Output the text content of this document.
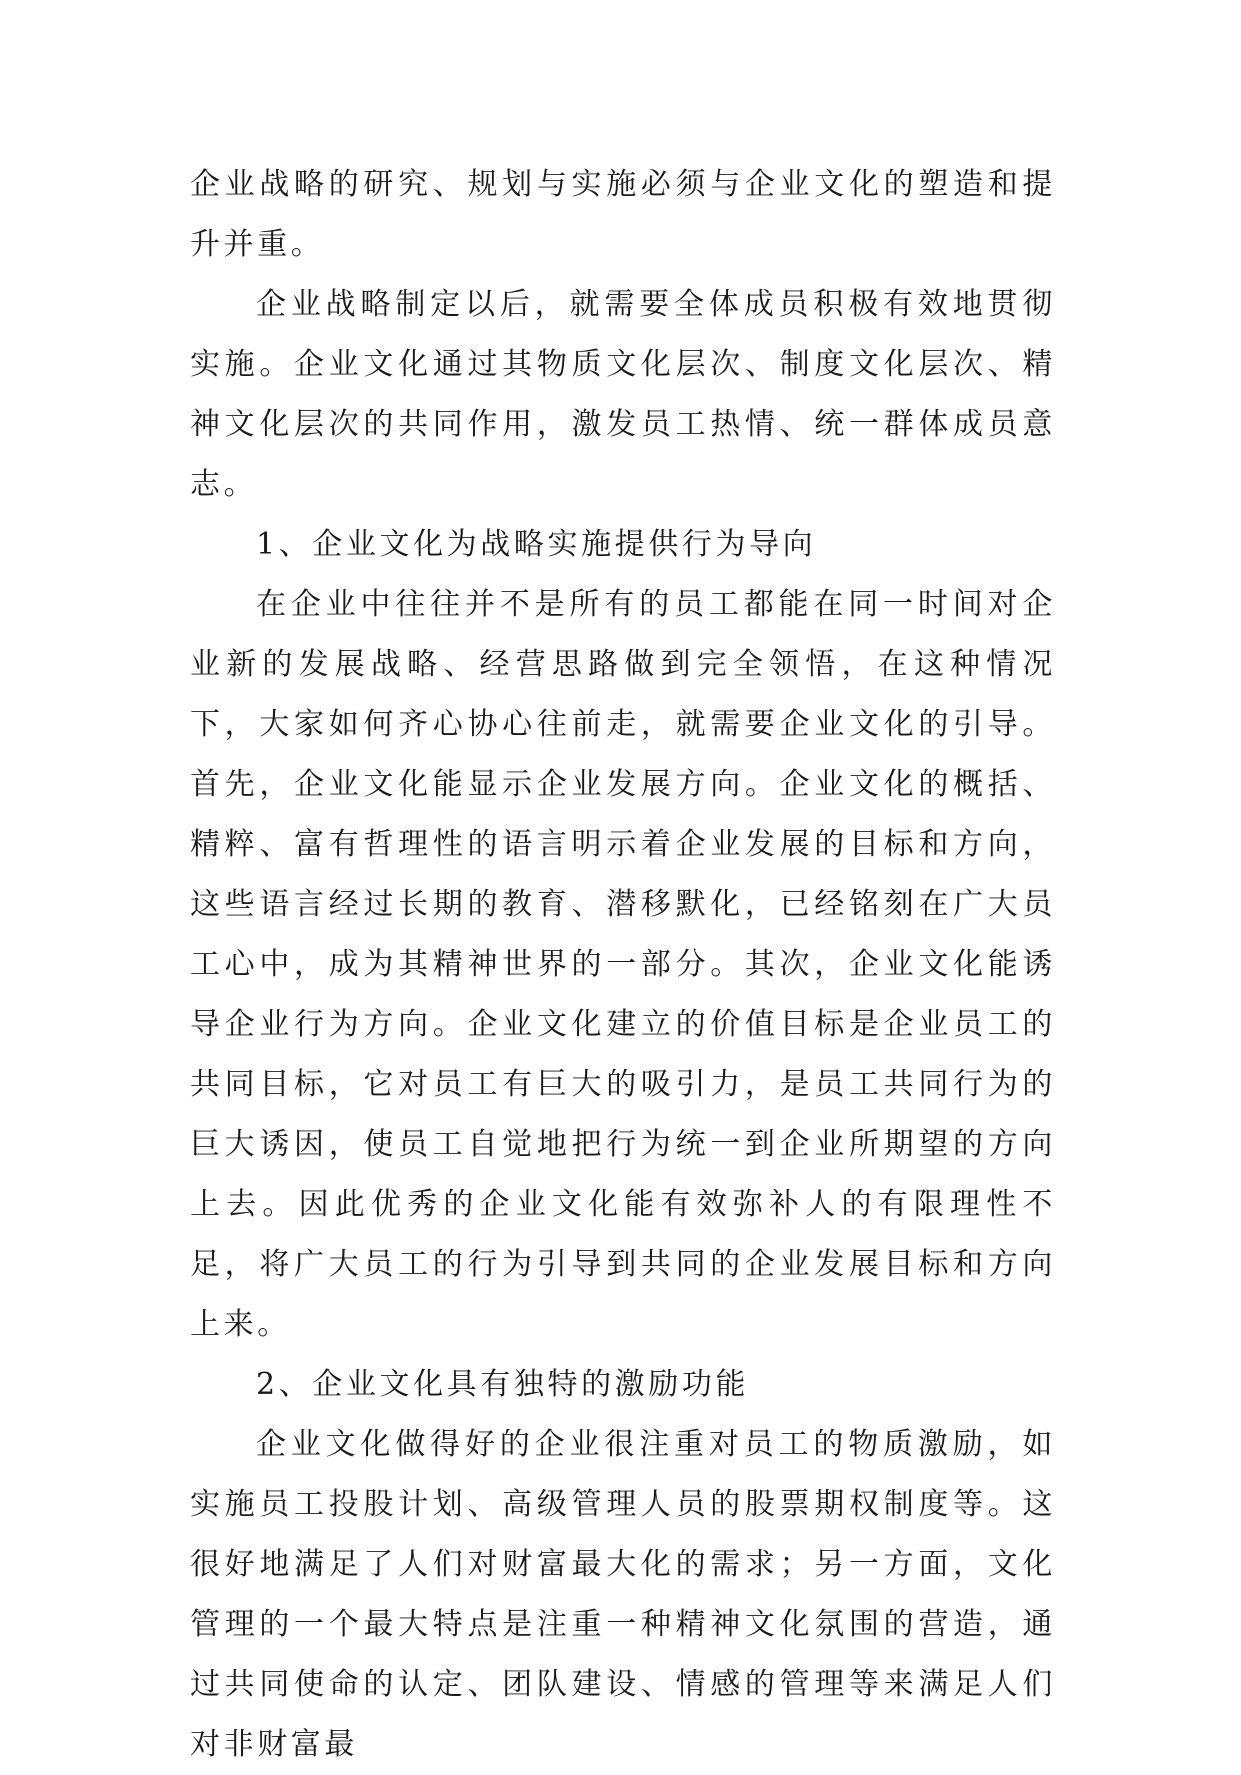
企业战略的研究、规划与实施必须与企业文化的塑造和提升并重。

企业战略制定以后，就需要全体成员积极有效地贯彻实施。企业文化通过其物质文化层次、制度文化层次、精神文化层次的共同作用，激发员工热情、统一群体成员意志。

1、企业文化为战略实施提供行为导向

在企业中往往并不是所有的员工都能在同一时间对企业新的发展战略、经营思路做到完全领悟，在这种情况下，大家如何齐心协心往前走，就需要企业文化的引导。首先，企业文化能显示企业发展方向。企业文化的概括、精粹、富有哲理性的语言明示着企业发展的目标和方向，这些语言经过长期的教育、潜移默化，已经铭刻在广大员工心中，成为其精神世界的一部分。其次，企业文化能诱导企业行为方向。企业文化建立的价值目标是企业员工的共同目标，它对员工有巨大的吸引力，是员工共同行为的巨大诱因，使员工自觉地把行为统一到企业所期望的方向上去。因此优秀的企业文化能有效弥补人的有限理性不足，将广大员工的行为引导到共同的企业发展目标和方向上来。

2、企业文化具有独特的激励功能

企业文化做得好的企业很注重对员工的物质激励，如实施员工投股计划、高级管理人员的股票期权制度等。这很好地满足了人们对财富最大化的需求；另一方面，文化管理的一个最大特点是注重一种精神文化氛围的营造，通过共同使命的认定、团队建设、情感的管理等来满足人们对非财富最
